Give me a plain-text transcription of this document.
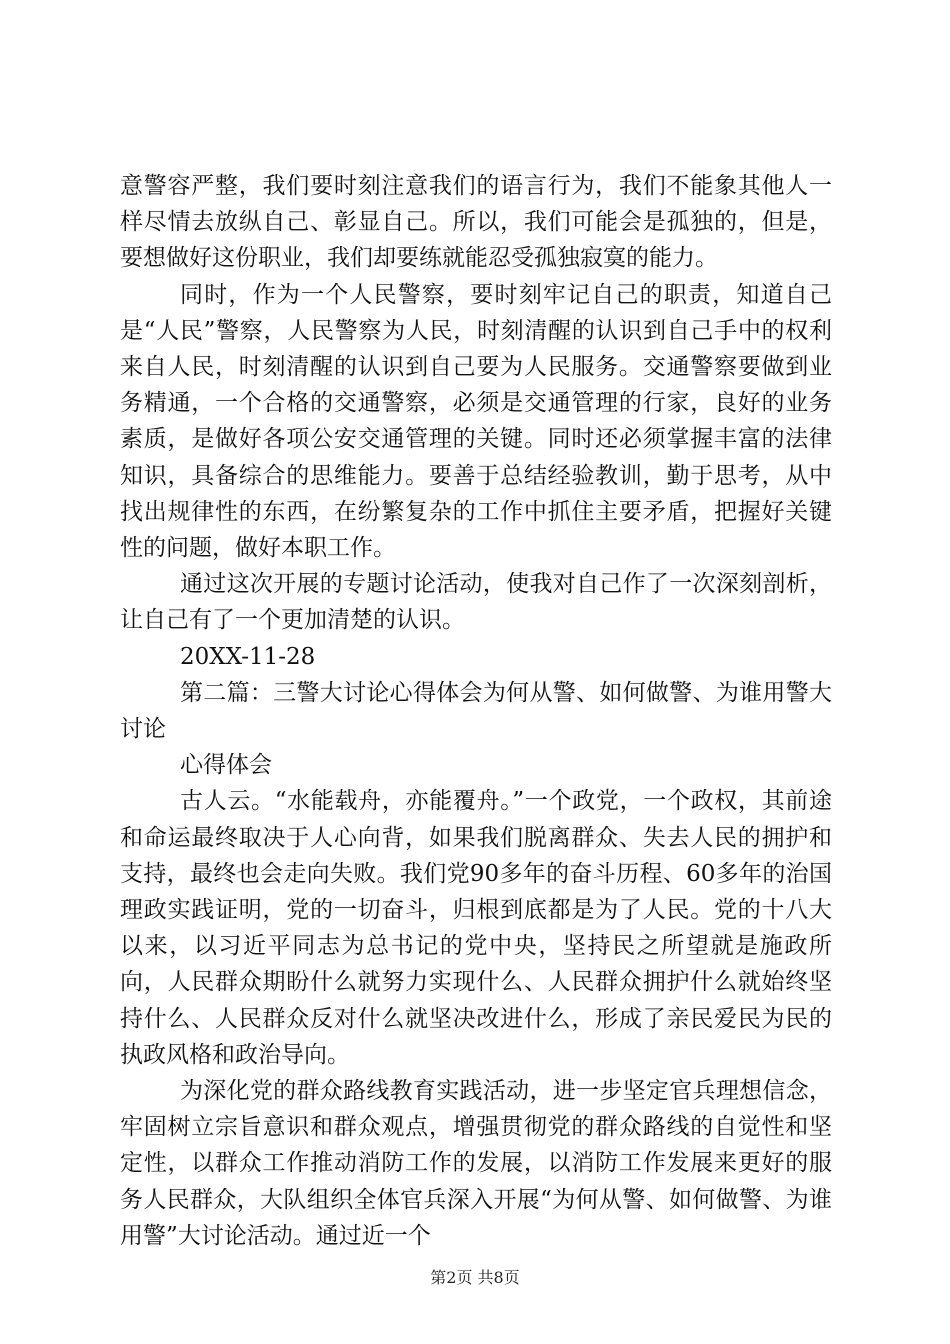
意警容严整，我们要时刻注意我们的语言行为，我们不能象其他人一样尽情去放纵自己、彰显自己。所以，我们可能会是孤独的，但是，要想做好这份职业，我们却要练就能忍受孤独寂寞的能力。

同时，作为一个人民警察，要时刻牢记自己的职责，知道自己是“人民”警察，人民警察为人民，时刻清醒的认识到自己手中的权利来自人民，时刻清醒的认识到自己要为人民服务。交通警察要做到业务精通，一个合格的交通警察，必须是交通管理的行家，良好的业务素质，是做好各项公安交通管理的关键。同时还必须掌握丰富的法律知识，具备综合的思维能力。要善于总结经验教训，勤于思考，从中找出规律性的东西，在纷繁复杂的工作中抓住主要矛盾，把握好关键性的问题，做好本职工作。

通过这次开展的专题讨论活动，使我对自己作了一次深刻剖析，让自己有了一个更加清楚的认识。

20XX-11-28

第二篇：三警大讨论心得体会为何从警、如何做警、为谁用警大讨论

心得体会

古人云。“水能载舟，亦能覆舟。”一个政党，一个政权，其前途和命运最终取决于人心向背，如果我们脱离群众、失去人民的拥护和支持，最终也会走向失败。我们党90多年的奋斗历程、60多年的治国理政实践证明，党的一切奋斗，归根到底都是为了人民。党的十八大以来，以习近平同志为总书记的党中央，坚持民之所望就是施政所向，人民群众期盼什么就努力实现什么、人民群众拥护什么就始终坚持什么、人民群众反对什么就坚决改进什么，形成了亲民爱民为民的执政风格和政治导向。

为深化党的群众路线教育实践活动，进一步坚定官兵理想信念，牢固树立宗旨意识和群众观点，增强贯彻党的群众路线的自觉性和坚定性，以群众工作推动消防工作的发展，以消防工作发展来更好的服务人民群众，大队组织全体官兵深入开展“为何从警、如何做警、为谁用警”大讨论活动。通过近一个

第2页 共8页
